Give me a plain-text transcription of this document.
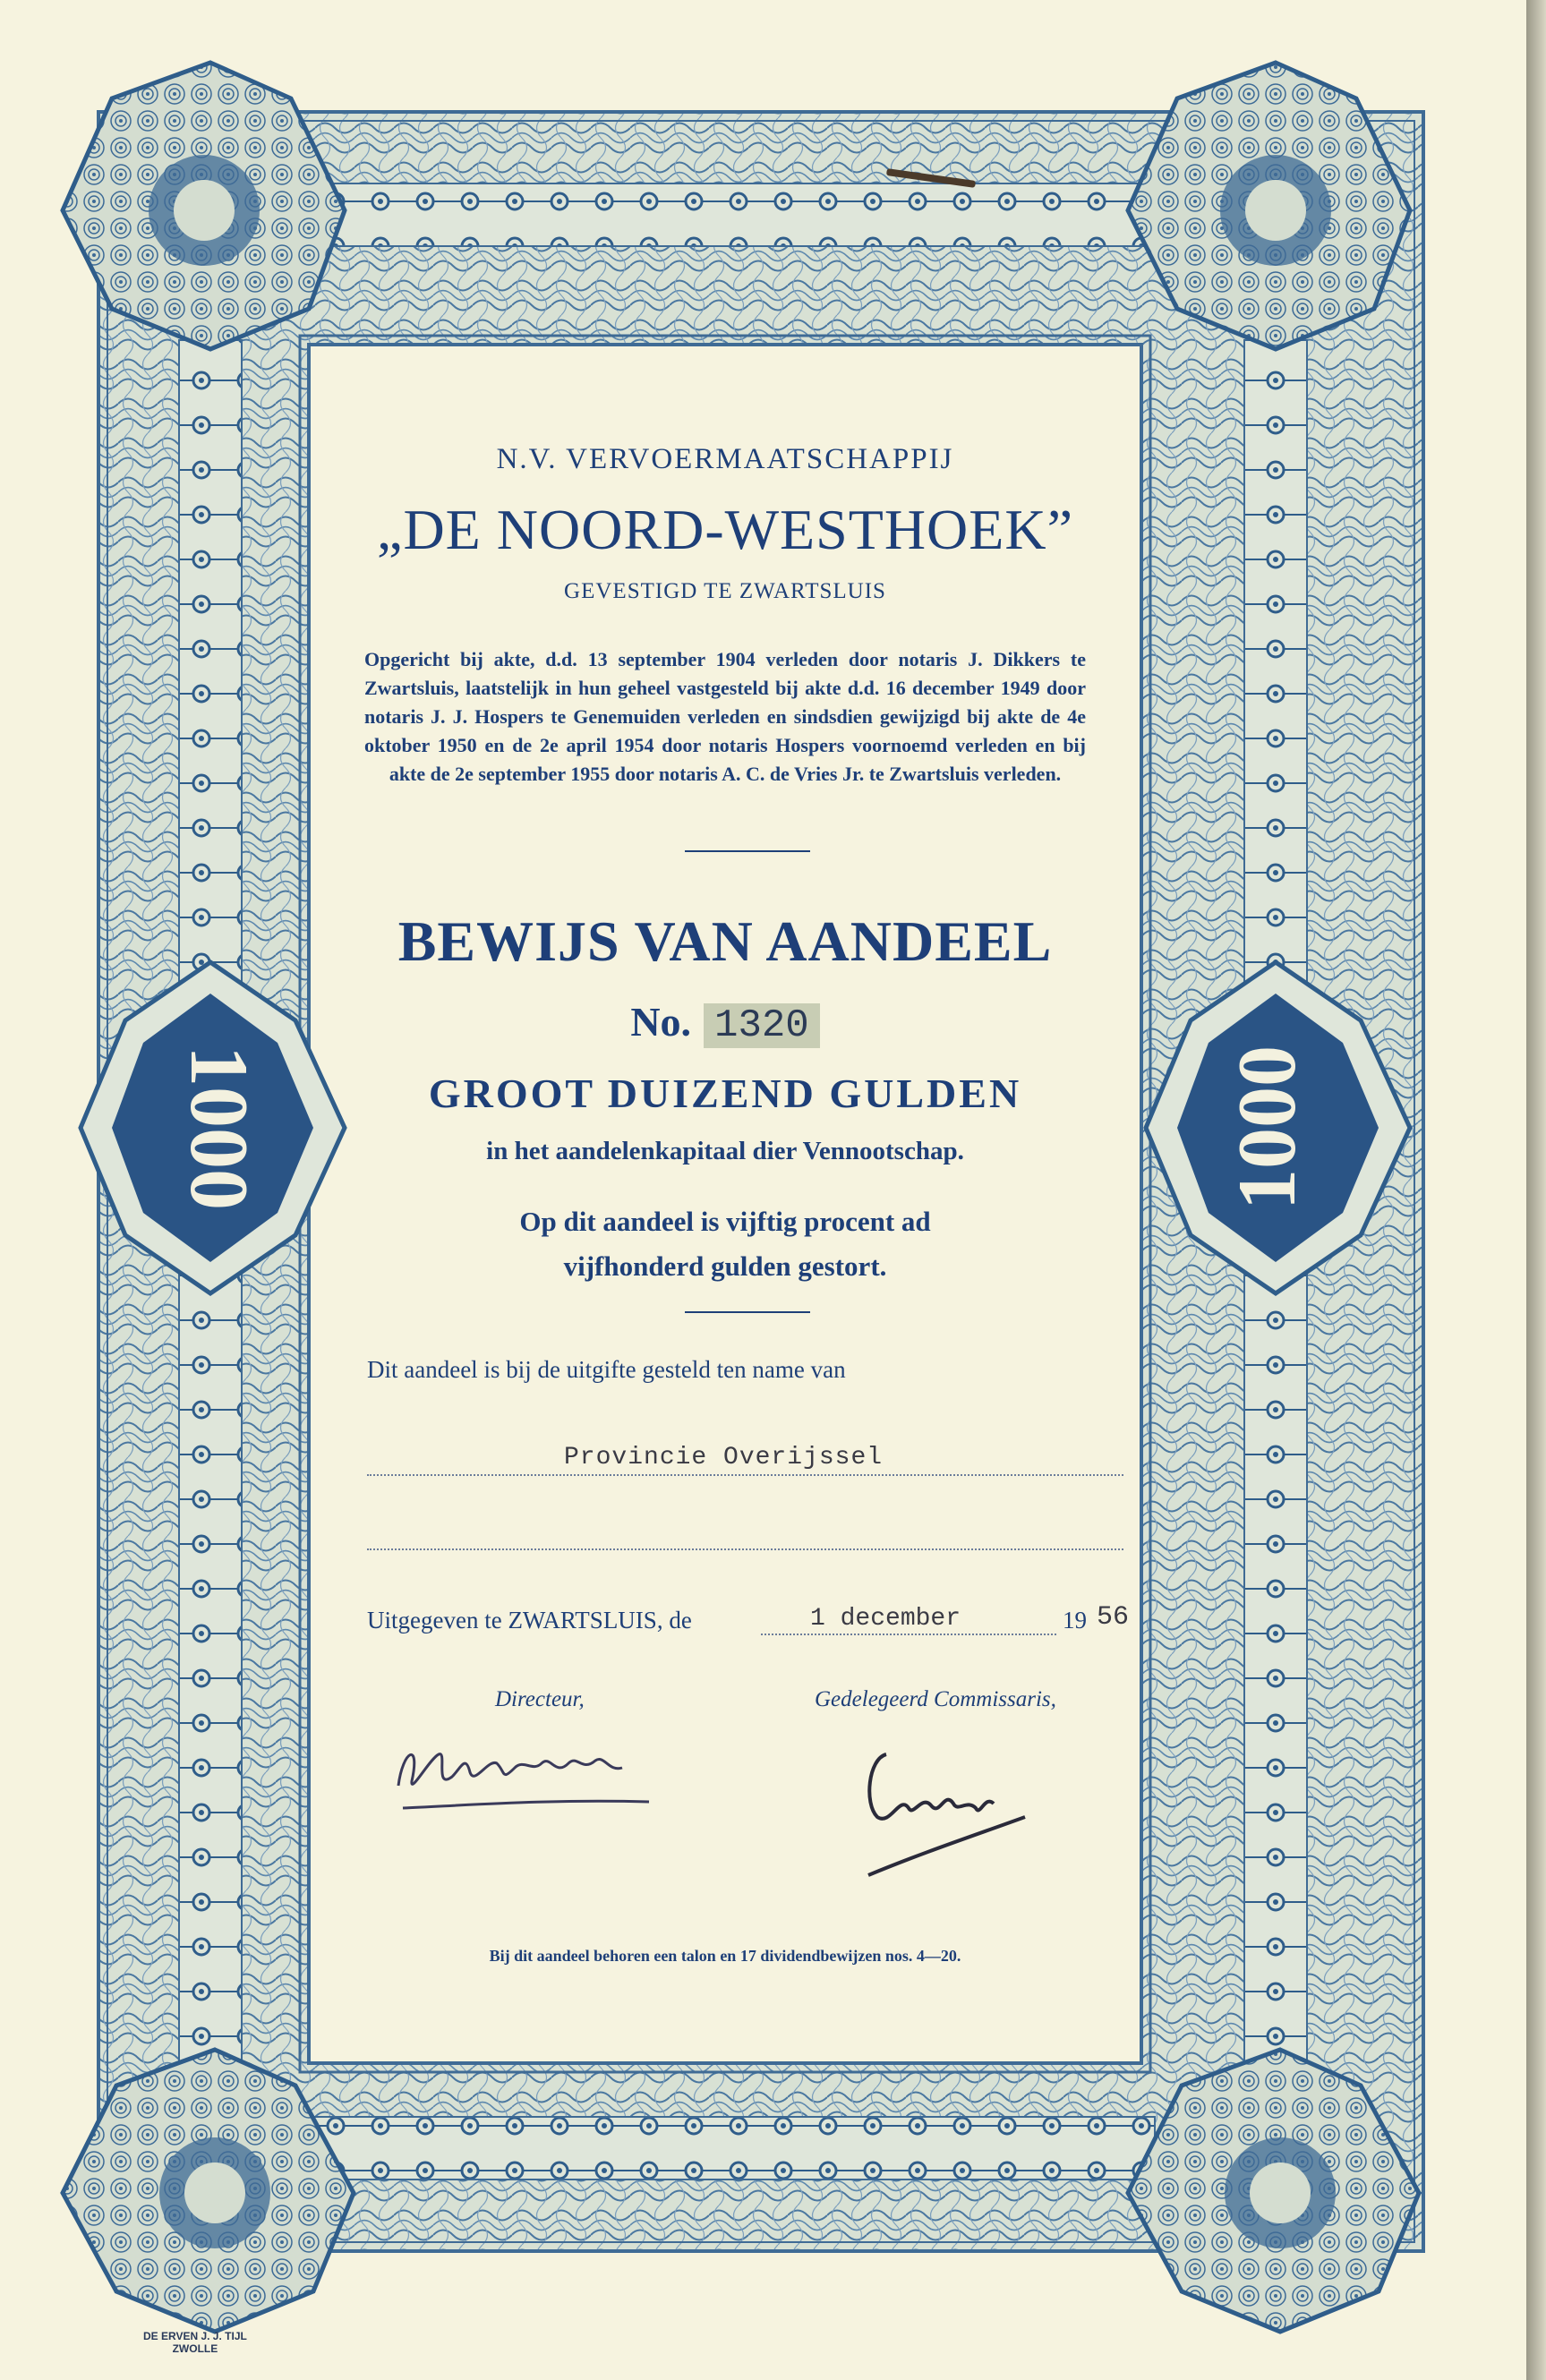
1000	1000
N.V. VERVOERMAATSCHAPPIJ
„DE NOORD-WESTHOEK”
GEVESTIGD TE ZWARTSLUIS
Opgericht bij akte, d.d. 13 september 1904 verleden door notaris J. Dikkers te Zwartsluis, laatstelijk in hun geheel vastgesteld bij akte d.d. 16 december 1949 door notaris J. J. Hospers te Genemuiden verleden en sindsdien gewijzigd bij akte de 4e oktober 1950 en de 2e april 1954 door notaris Hospers voornoemd verleden en bij akte de 2e september 1955 door notaris A. C. de Vries Jr. te Zwartsluis verleden.
BEWIJS VAN AANDEEL
No. 1320
GROOT DUIZEND GULDEN
in het aandelenkapitaal dier Vennootschap.
Op dit aandeel is vijftig procent ad
vijfhonderd gulden gestort.
Dit aandeel is bij de uitgifte gesteld ten name van
Provincie Overijssel
Uitgegeven te ZWARTSLUIS, de	1 december	19 56
Directeur,	Gedelegeerd Commissaris,
Bij dit aandeel behoren een talon en 17 dividendbewijzen nos. 4—20.
DE ERVEN J. J. TIJL
ZWOLLE
